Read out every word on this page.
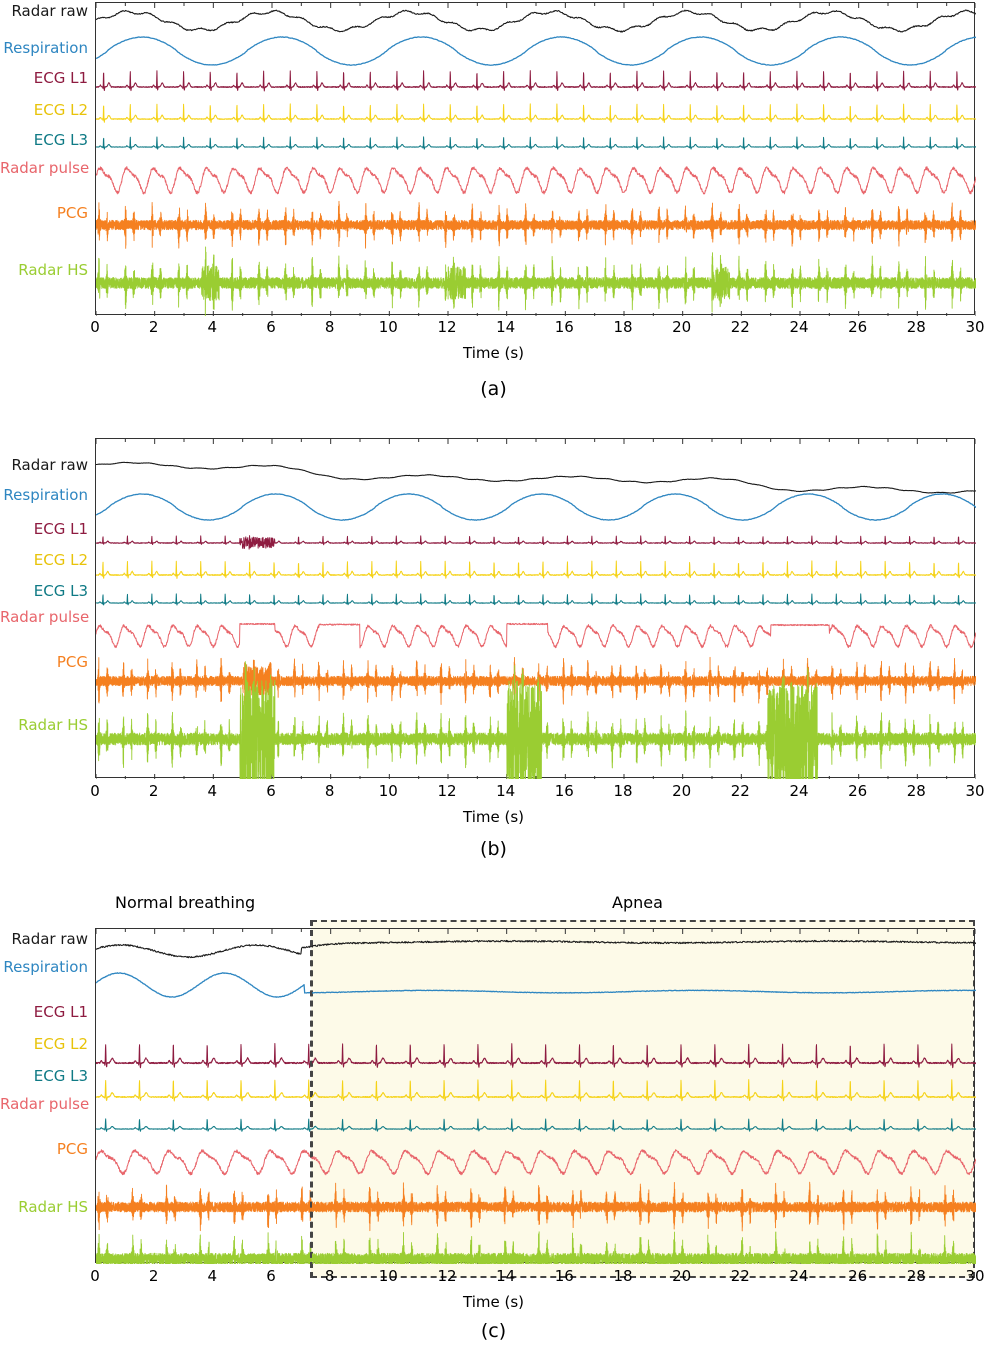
Radar raw
Respiration
ECG L1
ECG L2
ECG L3
Radar pulse
PCG
Radar HS
0	2	4	6	8	10	12	14	16	18	20	22	24	26	28	30
Time (s)
(a)
Radar raw
Respiration
ECG L1
ECG L2
ECG L3
Radar pulse
PCG
Radar HS
0	2	4	6	8	10	12	14	16	18	20	22	24	26	28	30
Time (s)
(b)
Normal breathing	Apnea
Radar raw
Respiration
ECG L1
ECG L2
ECG L3
Radar pulse
PCG
Radar HS
0	2	4	6	8	10	12	14	16	18	20	22	24	26	28	30
Time (s)
(c)
